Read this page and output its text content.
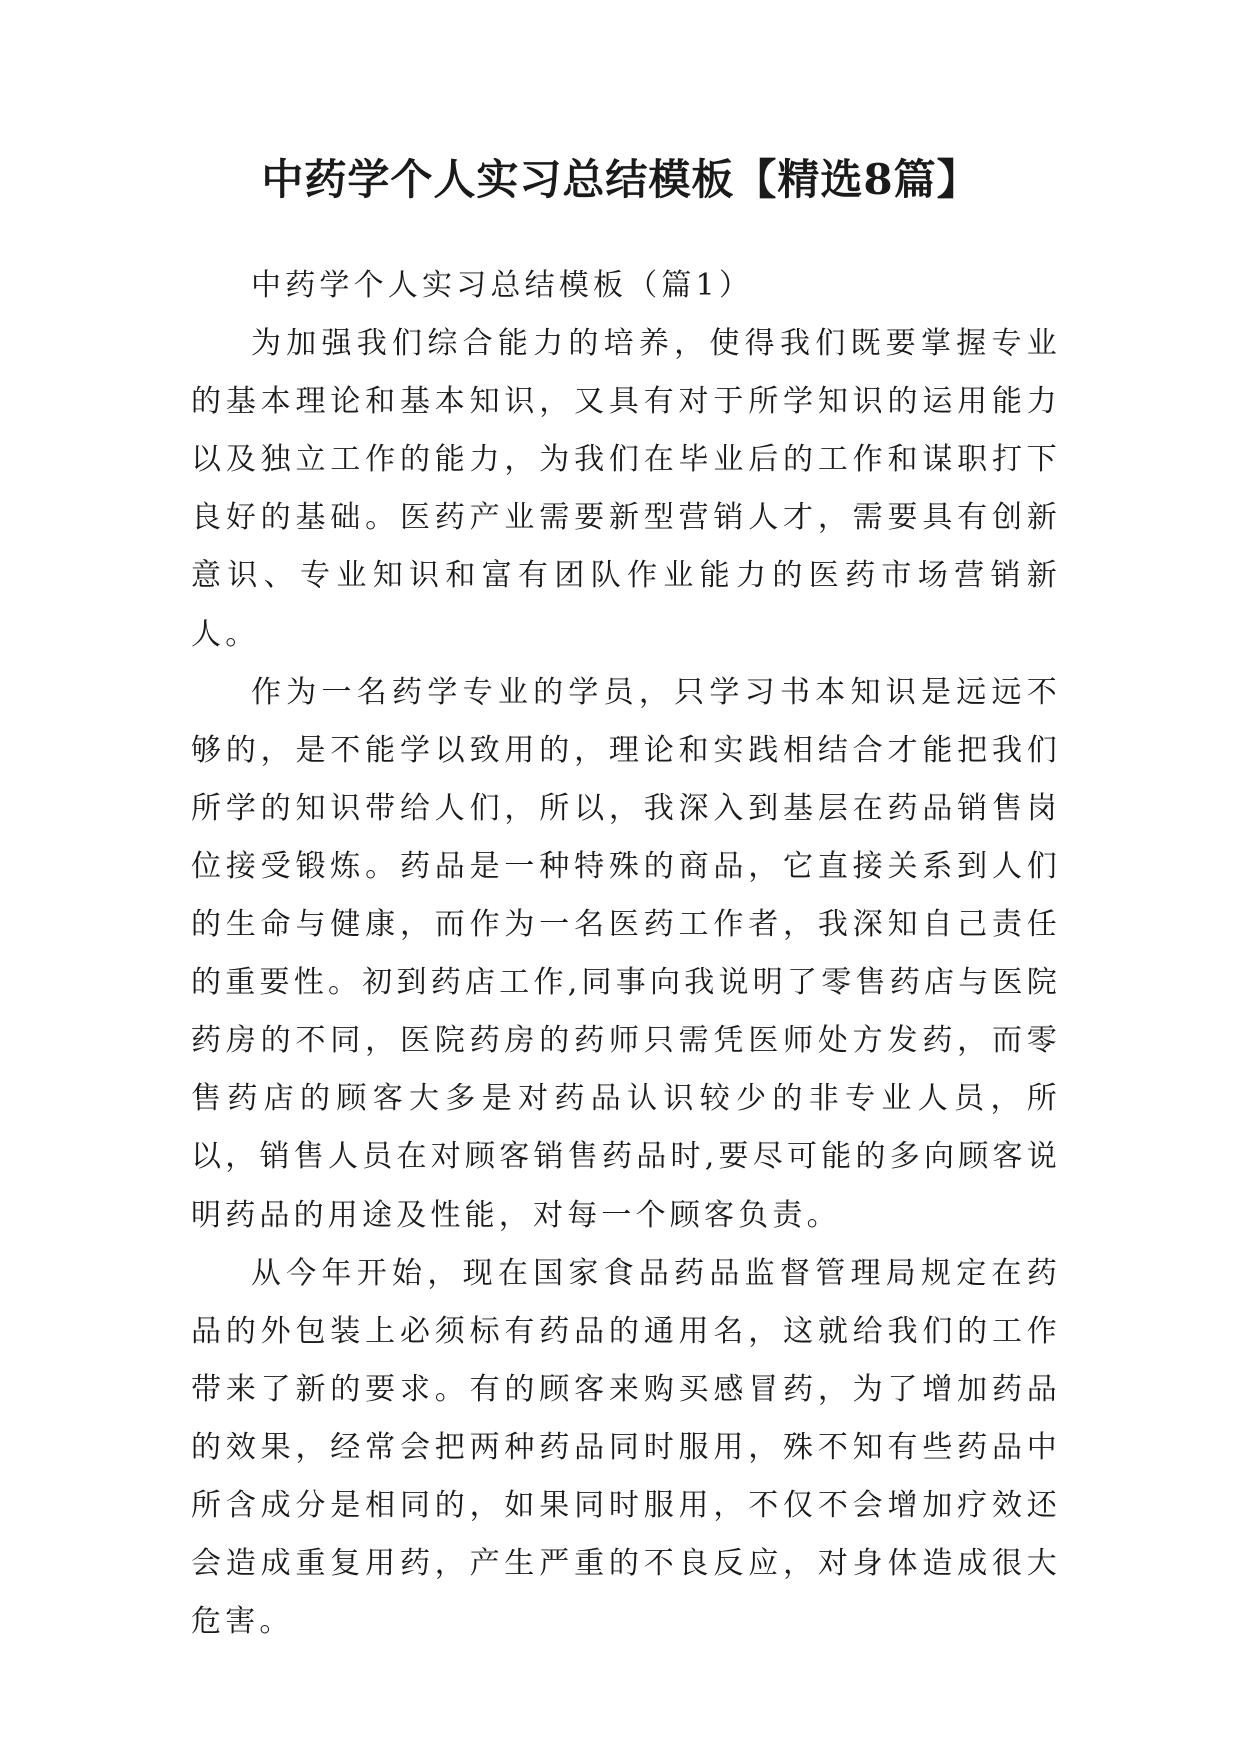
中药学个人实习总结模板【精选8篇】

中药学个人实习总结模板（篇1）

为加强我们综合能力的培养，使得我们既要掌握专业的基本理论和基本知识，又具有对于所学知识的运用能力以及独立工作的能力，为我们在毕业后的工作和谋职打下良好的基础。医药产业需要新型营销人才，需要具有创新意识、专业知识和富有团队作业能力的医药市场营销新人。

作为一名药学专业的学员，只学习书本知识是远远不够的，是不能学以致用的，理论和实践相结合才能把我们所学的知识带给人们，所以，我深入到基层在药品销售岗位接受锻炼。药品是一种特殊的商品，它直接关系到人们的生命与健康，而作为一名医药工作者，我深知自己责任的重要性。初到药店工作,同事向我说明了零售药店与医院药房的不同，医院药房的药师只需凭医师处方发药，而零售药店的顾客大多是对药品认识较少的非专业人员，所以，销售人员在对顾客销售药品时,要尽可能的多向顾客说明药品的用途及性能，对每一个顾客负责。

从今年开始，现在国家食品药品监督管理局规定在药品的外包装上必须标有药品的通用名，这就给我们的工作带来了新的要求。有的顾客来购买感冒药，为了增加药品的效果，经常会把两种药品同时服用，殊不知有些药品中所含成分是相同的，如果同时服用，不仅不会增加疗效还会造成重复用药，产生严重的不良反应，对身体造成很大危害。
